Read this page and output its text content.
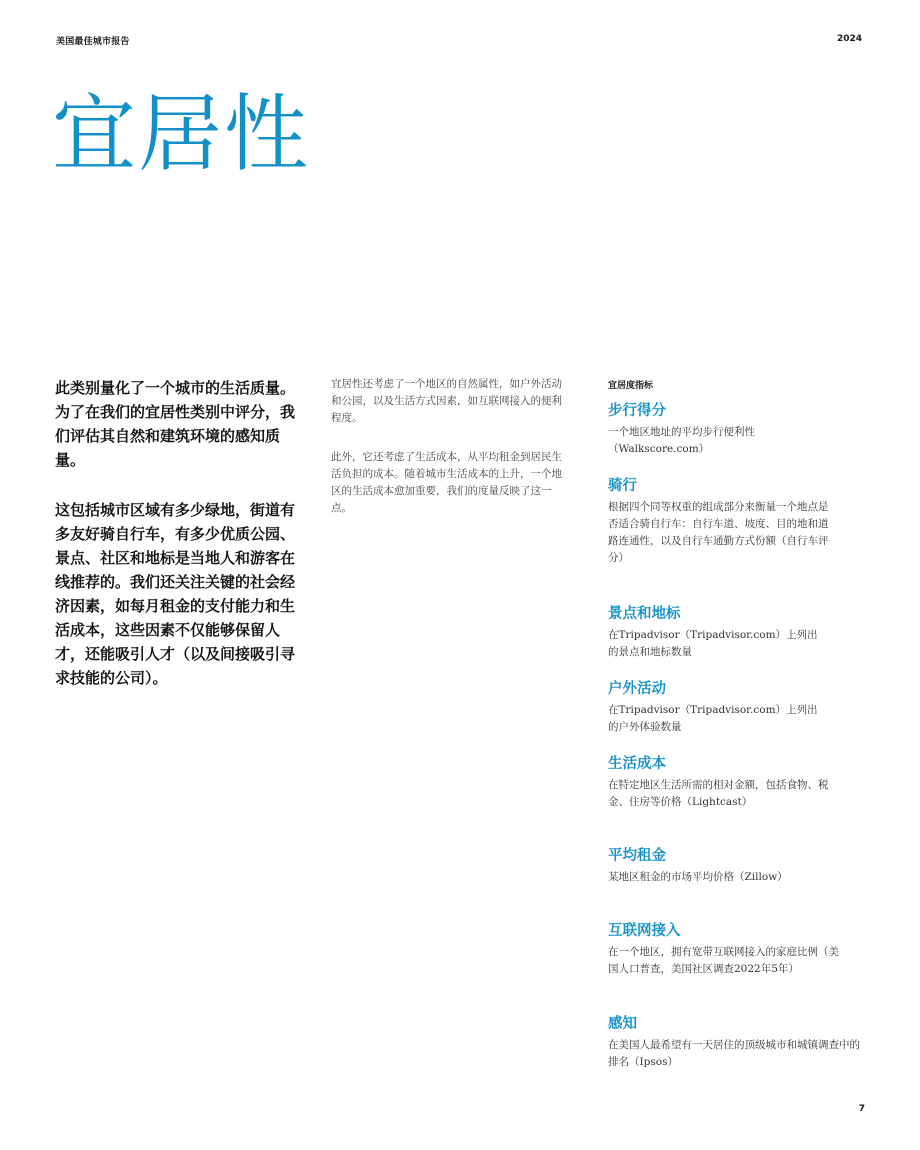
美国最佳城市报告	2024
宜居性

此类别量化了一个城市的生活质量。为了在我们的宜居性类别中评分，我们评估其自然和建筑环境的感知质量。

这包括城市区域有多少绿地，街道有多友好骑自行车，有多少优质公园、景点、社区和地标是当地人和游客在线推荐的。我们还关注关键的社会经济因素，如每月租金的支付能力和生活成本，这些因素不仅能够保留人才，还能吸引人才（以及间接吸引寻求技能的公司）。

宜居性还考虑了一个地区的自然属性，如户外活动和公园，以及生活方式因素，如互联网接入的便利程度。

此外，它还考虑了生活成本，从平均租金到居民生活负担的成本。随着城市生活成本的上升，一个地区的生活成本愈加重要，我们的度量反映了这一点。

宜居度指标
步行得分

一个地区地址的平均步行便利性（Walkscore.com）

骑行

根据四个同等权重的组成部分来衡量一个地点是否适合骑自行车：自行车道、坡度、目的地和道路连通性，以及自行车通勤方式份额（自行车评分）

景点和地标

在Tripadvisor（Tripadvisor.com）上列出的景点和地标数量

户外活动

在Tripadvisor（Tripadvisor.com）上列出的户外体验数量

生活成本

在特定地区生活所需的相对金额，包括食物、税金、住房等价格（Lightcast）

平均租金

某地区租金的市场平均价格（Zillow）

互联网接入

在一个地区，拥有宽带互联网接入的家庭比例（美国人口普查，美国社区调查2022年5年）

感知

在美国人最希望有一天居住的顶级城市和城镇调查中的排名（Ipsos）

7
